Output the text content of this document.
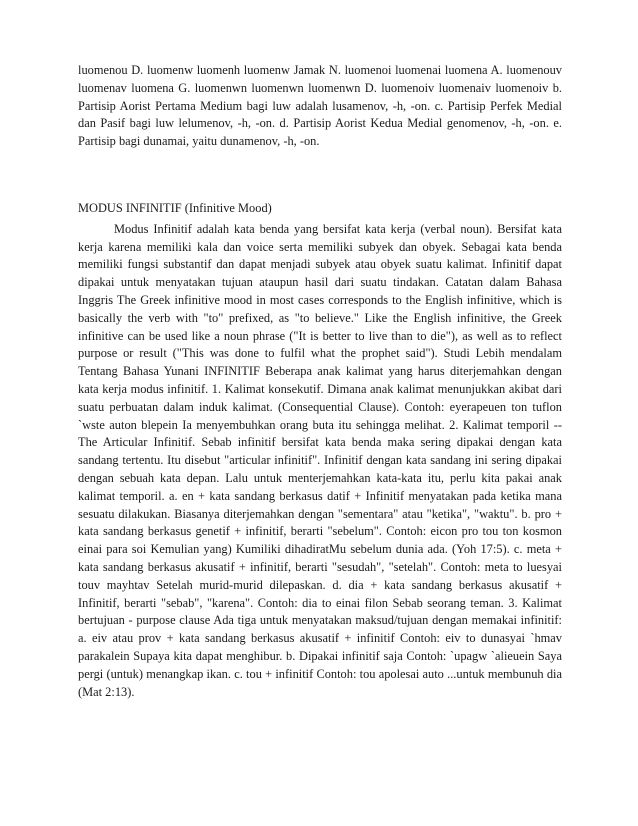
luomenou D. luomenw luomenh luomenw Jamak N. luomenoi luomenai luomena A. luomenouv luomenav luomena G. luomenwn luomenwn luomenwn D. luomenoiv luomenaiv luomenoiv b. Partisip Aorist Pertama Medium bagi luw adalah lusamenov, -h, -on. c. Partisip Perfek Medial dan Pasif bagi luw lelumenov, -h, -on. d. Partisip Aorist Kedua Medial genomenov, -h, -on. e. Partisip bagi dunamai, yaitu dunamenov, -h, -on.

MODUS INFINITIF (Infinitive Mood)

Modus Infinitif adalah kata benda yang bersifat kata kerja (verbal noun). Bersifat kata kerja karena memiliki kala dan voice serta memiliki subyek dan obyek. Sebagai kata benda memiliki fungsi substantif dan dapat menjadi subyek atau obyek suatu kalimat. Infinitif dapat dipakai untuk menyatakan tujuan ataupun hasil dari suatu tindakan. Catatan dalam Bahasa Inggris The Greek infinitive mood in most cases corresponds to the English infinitive, which is basically the verb with "to" prefixed, as "to believe." Like the English infinitive, the Greek infinitive can be used like a noun phrase ("It is better to live than to die"), as well as to reflect purpose or result ("This was done to fulfil what the prophet said"). Studi Lebih mendalam Tentang Bahasa Yunani INFINITIF Beberapa anak kalimat yang harus diterjemahkan dengan kata kerja modus infinitif. 1. Kalimat konsekutif. Dimana anak kalimat menunjukkan akibat dari suatu perbuatan dalam induk kalimat. (Consequential Clause). Contoh: eyerapeuen ton tuflon `wste auton blepein Ia menyembuhkan orang buta itu sehingga melihat. 2. Kalimat temporil -- The Articular Infinitif. Sebab infinitif bersifat kata benda maka sering dipakai dengan kata sandang tertentu. Itu disebut "articular infinitif". Infinitif dengan kata sandang ini sering dipakai dengan sebuah kata depan. Lalu untuk menterjemahkan kata-kata itu, perlu kita pakai anak kalimat temporil. a. en + kata sandang berkasus datif + Infinitif menyatakan pada ketika mana sesuatu dilakukan. Biasanya diterjemahkan dengan "sementara" atau "ketika", "waktu". b. pro + kata sandang berkasus genetif + infinitif, berarti "sebelum". Contoh: eicon pro tou ton kosmon einai para soi Kemulian yang) Kumiliki dihadiratMu sebelum dunia ada. (Yoh 17:5). c. meta + kata sandang berkasus akusatif + infinitif, berarti "sesudah", "setelah". Contoh: meta to luesyai touv mayhtav Setelah murid-murid dilepaskan. d. dia + kata sandang berkasus akusatif + Infinitif, berarti "sebab", "karena". Contoh: dia to einai filon Sebab seorang teman. 3. Kalimat bertujuan - purpose clause Ada tiga untuk menyatakan maksud/tujuan dengan memakai infinitif: a. eiv atau prov + kata sandang berkasus akusatif + infinitif Contoh: eiv to dunasyai `hmav parakalein Supaya kita dapat menghibur. b. Dipakai infinitif saja Contoh: `upagw `alieuein Saya pergi (untuk) menangkap ikan. c. tou + infinitif Contoh: tou apolesai auto ...untuk membunuh dia (Mat 2:13).
